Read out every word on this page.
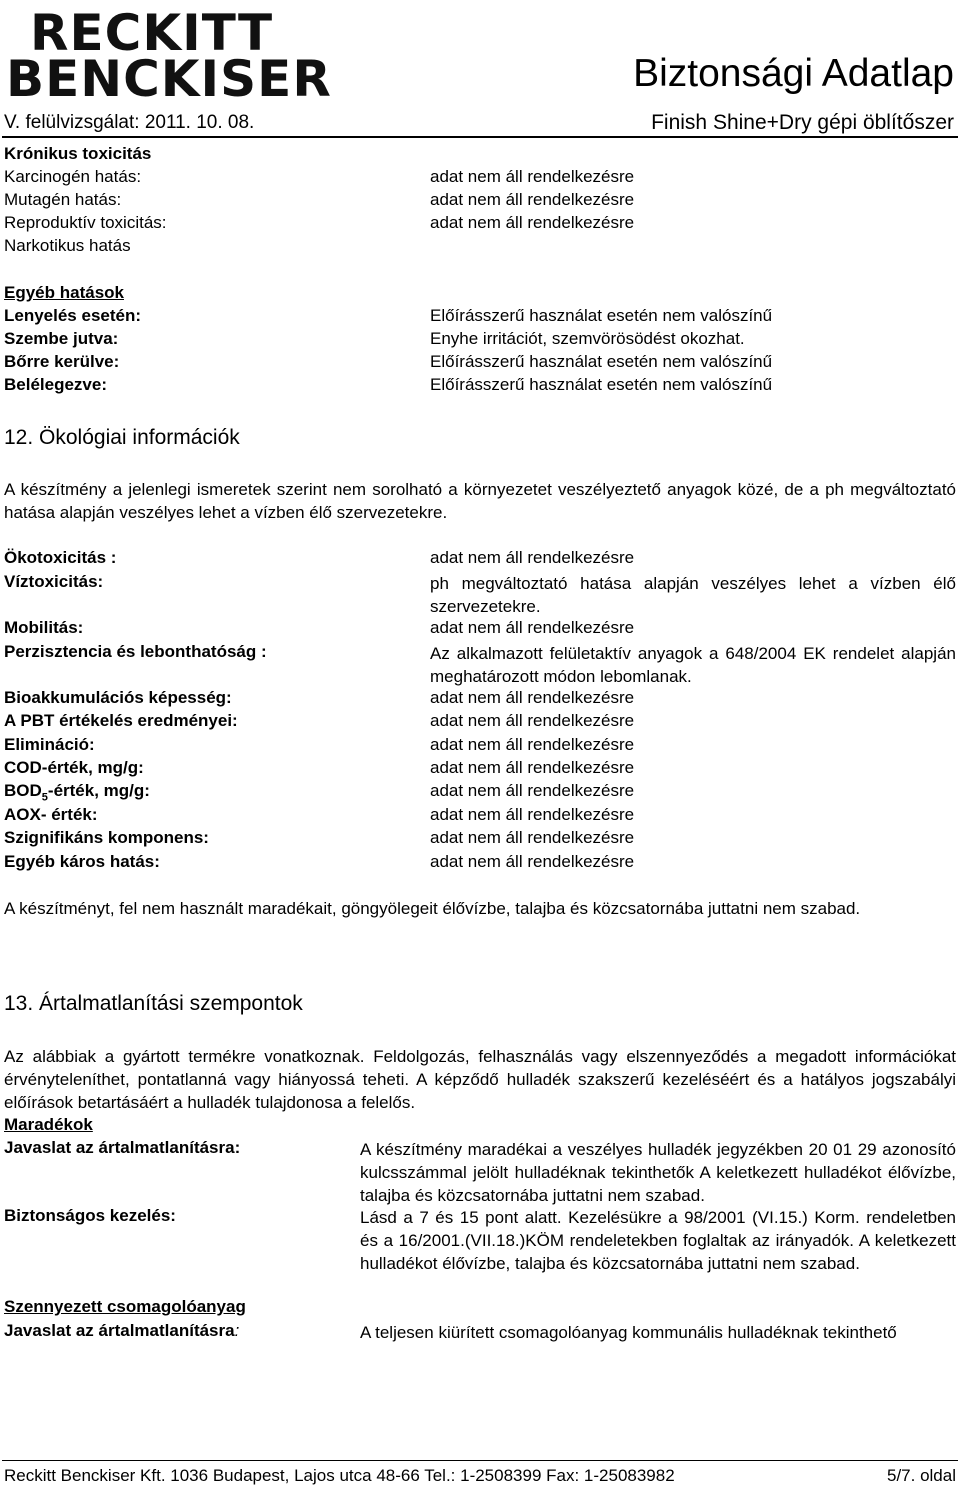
RECKITT
BENCKISER	Biztonsági Adatlap
V. felülvizsgálat: 2011. 10. 08.	Finish Shine+Dry gépi öblítőszer
Krónikus toxicitás
Karcinogén hatás:	adat nem áll rendelkezésre
Mutagén hatás:	adat nem áll rendelkezésre
Reproduktív toxicitás:	adat nem áll rendelkezésre
Narkotikus hatás
Egyéb hatások
Lenyelés esetén:	Előírásszerű használat esetén nem valószínű
Szembe jutva:	Enyhe irritációt, szemvörösödést okozhat.
Bőrre kerülve:	Előírásszerű használat esetén nem valószínű
Belélegezve:	Előírásszerű használat esetén nem valószínű
12. Ökológiai információk
A készítmény a jelenlegi ismeretek szerint nem sorolható a környezetet veszélyeztető anyagok közé, de a ph megváltoztató hatása alapján veszélyes lehet a vízben élő szervezetekre.
Ökotoxicitás :	adat nem áll rendelkezésre
Víztoxicitás:	ph megváltoztató hatása alapján veszélyes lehet a vízben élő szervezetekre.
Mobilitás:	adat nem áll rendelkezésre
Perzisztencia és lebonthatóság :	Az alkalmazott felületaktív anyagok a 648/2004 EK rendelet alapján meghatározott módon lebomlanak.
Bioakkumulációs képesség:	adat nem áll rendelkezésre
A PBT értékelés eredményei:	adat nem áll rendelkezésre
Elimináció:	adat nem áll rendelkezésre
COD-érték, mg/g:	adat nem áll rendelkezésre
$BOD_5$-érték, mg/g:	adat nem áll rendelkezésre
AOX- érték:	adat nem áll rendelkezésre
Szignifikáns komponens:	adat nem áll rendelkezésre
Egyéb káros hatás:	adat nem áll rendelkezésre
A készítményt, fel nem használt maradékait, göngyölegeit élővízbe, talajba és közcsatornába juttatni nem szabad.
13. Ártalmatlanítási szempontok
Az alábbiak a gyártott termékre vonatkoznak. Feldolgozás, felhasználás vagy elszennyeződés a megadott információkat érvényteleníthet, pontatlanná vagy hiányossá teheti. A képződő hulladék szakszerű kezeléséért és a hatályos jogszabályi előírások betartásáért a hulladék tulajdonosa a felelős.
Maradékok
Javaslat az ártalmatlanításra:	A készítmény maradékai a veszélyes hulladék jegyzékben 20 01 29 azonosító kulcsszámmal jelölt hulladéknak tekinthetők A keletkezett hulladékot élővízbe, talajba és közcsatornába juttatni nem szabad.
Biztonságos kezelés:	Lásd a 7 és 15 pont alatt. Kezelésükre a 98/2001 (VI.15.) Korm. rendeletben és a 16/2001.(VII.18.)KÖM rendeletekben foglaltak az irányadók. A keletkezett hulladékot élővízbe, talajba és közcsatornába juttatni nem szabad.
Szennyezett csomagolóanyag
Javaslat az ártalmatlanításra:	A teljesen kiürített csomagolóanyag kommunális hulladéknak tekinthető
Reckitt Benckiser Kft. 1036 Budapest, Lajos utca 48-66 Tel.: 1-2508399 Fax: 1-25083982	5/7. oldal
